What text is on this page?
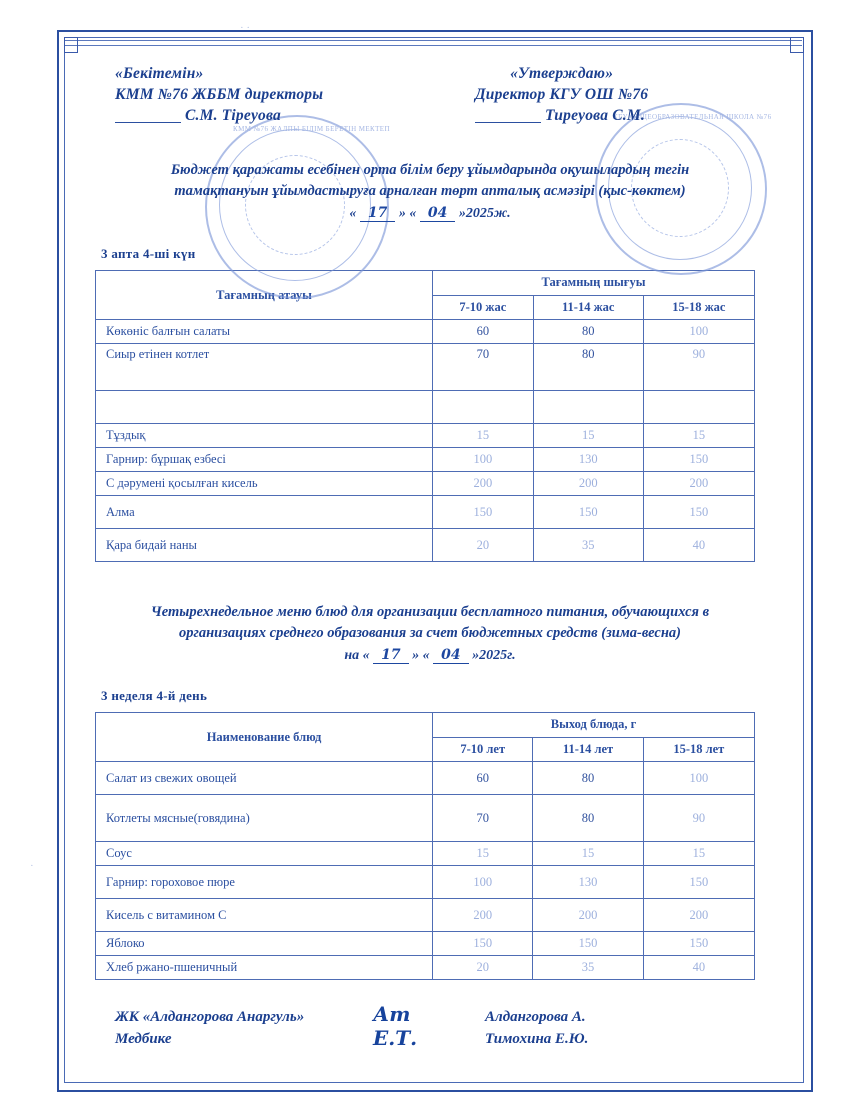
· ·
·
КММ №76 ЖАЛПЫ БІЛІМ БЕРЕТІН МЕКТЕП
КГУ ОБЩЕОБРАЗОВАТЕЛЬНАЯ ШКОЛА №76
«Бекітемін»
КММ №76 ЖББМ директоры
С.М. Тіреуова
«Утверждаю»
Директор КГУ ОШ №76
Тиреуова С.М.
Бюджет қаражаты есебінен орта білім беру ұйымдарында оқушылардың тегін
тамақтануын ұйымдастыруға арналған төрт апталық асмәзірі (қыс-көктем)
« 17 » « 04 »2025ж.
3 апта 4-ші күн
Тағамның атауы	Тағамның шығуы		
	7-10 жас	11-14 жас	15-18 жас
Көкөніс балғын салаты	60	80	100
Сиыр етінен котлет	70	80	90

Тұздық	15	15	15
Гарнир: бұршақ езбесі	100	130	150
С дәрумені қосылған кисель	200	200	200
Алма	150	150	150
Қара бидай наны	20	35	40
Четырехнедельное меню блюд для организации бесплатного питания, обучающихся в
организациях среднего образования за счет бюджетных средств (зима-весна)
на « 17 » « 04 »2025г.
3 неделя 4-й день
Наименование блюд	Выход блюда, г		
	7-10 лет	11-14 лет	15-18 лет
Салат из свежих овощей	60	80	100
Котлеты мясные(говядина)	70	80	90
Соус	15	15	15
Гарнир: гороховое пюре	100	130	150
Кисель с витамином С	200	200	200
Яблоко	150	150	150
Хлеб ржано-пшеничный	20	35	40
ЖК «Алдангорова Анаргуль»
Медбике
Ат
Е.Т.
Алдангорова А.
Тимохина Е.Ю.
